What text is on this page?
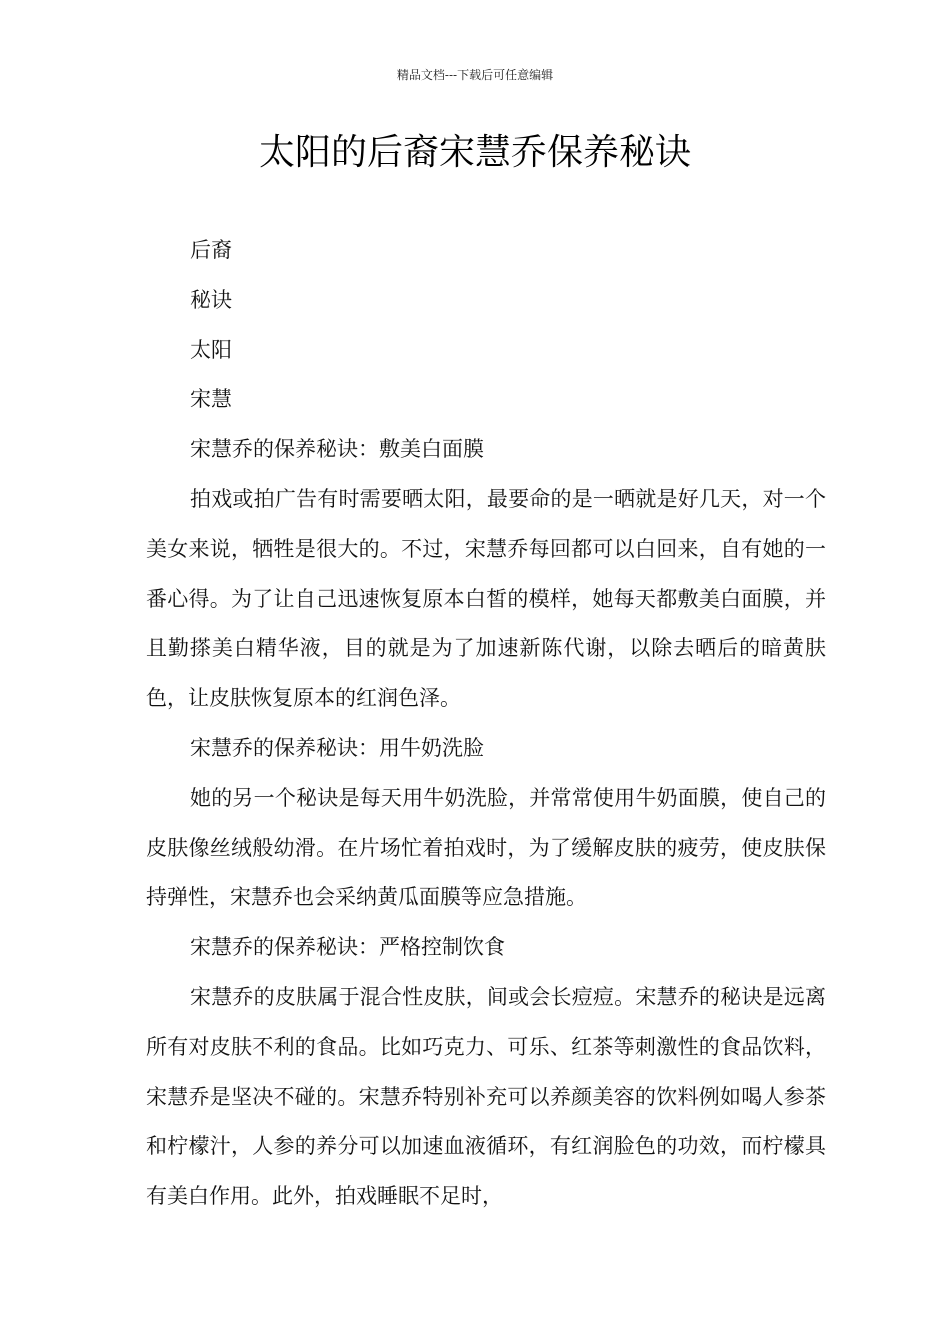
精品文档---下载后可任意编辑
太阳的后裔宋慧乔保养秘诀

后裔

秘诀

太阳

宋慧

宋慧乔的保养秘诀：敷美白面膜

拍戏或拍广告有时需要晒太阳，最要命的是一晒就是好几天，对一个美女来说，牺牲是很大的。不过，宋慧乔每回都可以白回来，自有她的一番心得。为了让自己迅速恢复原本白皙的模样，她每天都敷美白面膜，并且勤搽美白精华液，目的就是为了加速新陈代谢，以除去晒后的暗黄肤色，让皮肤恢复原本的红润色泽。

宋慧乔的保养秘诀：用牛奶洗脸

她的另一个秘诀是每天用牛奶洗脸，并常常使用牛奶面膜，使自己的皮肤像丝绒般幼滑。在片场忙着拍戏时，为了缓解皮肤的疲劳，使皮肤保持弹性，宋慧乔也会采纳黄瓜面膜等应急措施。

宋慧乔的保养秘诀：严格控制饮食

宋慧乔的皮肤属于混合性皮肤，间或会长痘痘。宋慧乔的秘诀是远离所有对皮肤不利的食品。比如巧克力、可乐、红茶等刺激性的食品饮料，宋慧乔是坚决不碰的。宋慧乔特别补充可以养颜美容的饮料例如喝人参茶和柠檬汁，人参的养分可以加速血液循环，有红润脸色的功效，而柠檬具有美白作用。此外，拍戏睡眠不足时，
